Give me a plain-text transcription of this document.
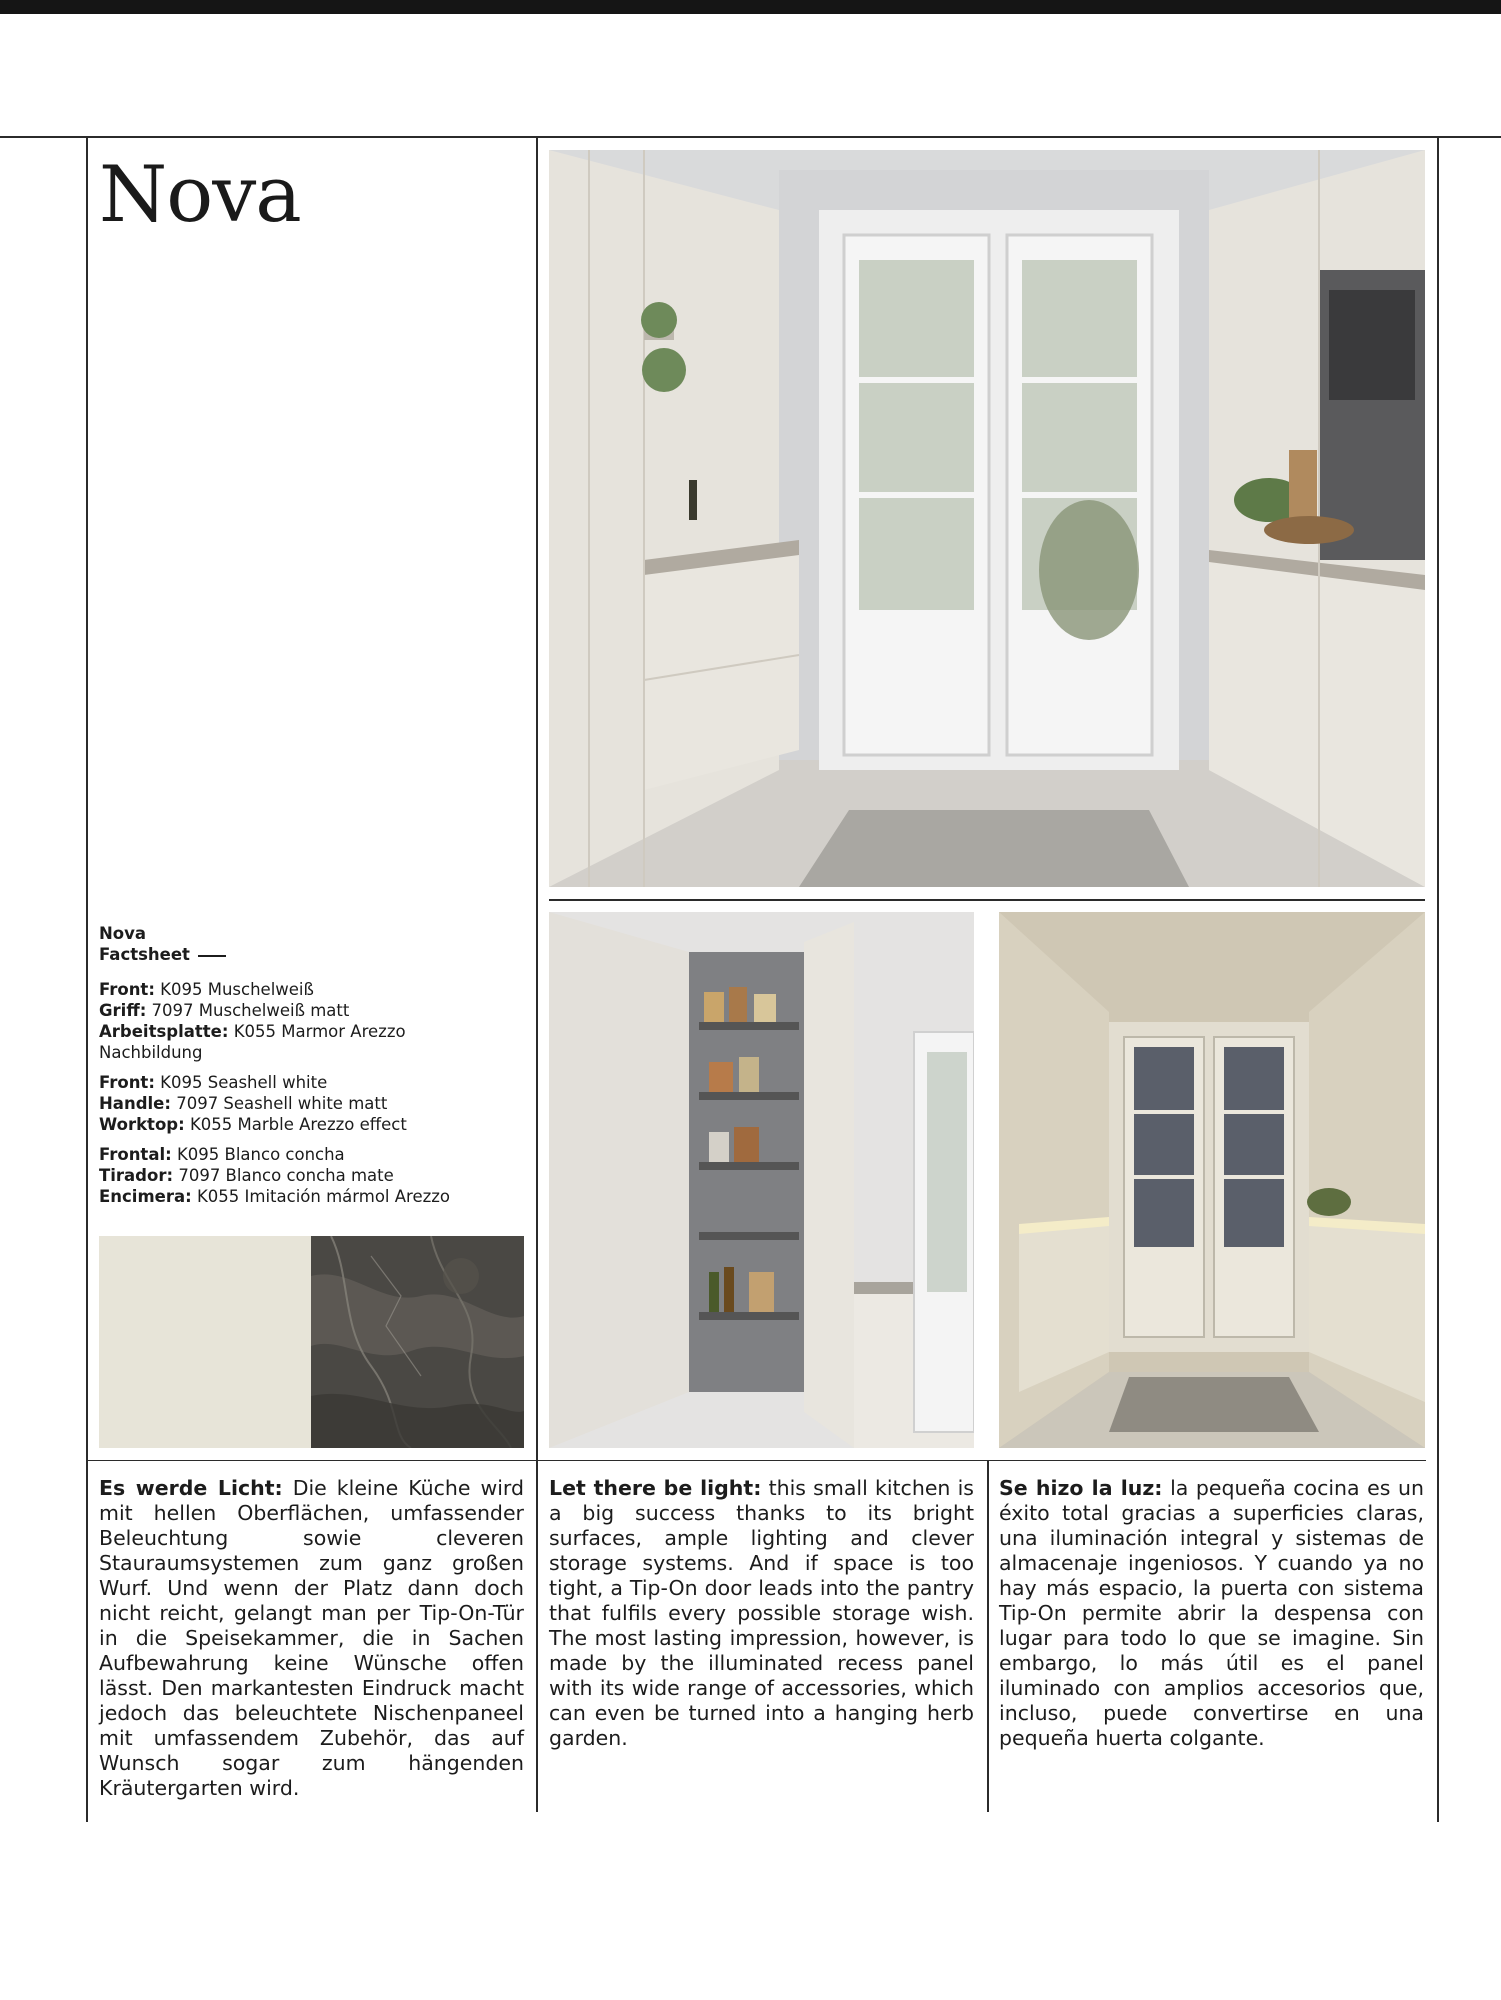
Nova
Nova
Factsheet
Front: K095 Muschelweiß
Griff: 7097 Muschelweiß matt
Arbeitsplatte: K055 Marmor Arezzo Nachbildung
Front: K095 Seashell white
Handle: 7097 Seashell white matt
Worktop: K055 Marble Arezzo effect
Frontal: K095 Blanco concha
Tirador: 7097 Blanco concha mate
Encimera: K055 Imitación mármol Arezzo
Es werde Licht: Die kleine Küche wird mit hellen Oberflächen, umfassender Beleuchtung sowie cleveren Stauraumsystemen zum ganz großen Wurf. Und wenn der Platz dann doch nicht reicht, gelangt man per Tip-On-Tür in die Speisekammer, die in Sachen Aufbewahrung keine Wünsche offen lässt. Den markantesten Eindruck macht jedoch das beleuchtete Nischenpaneel mit umfassendem Zubehör, das auf Wunsch sogar zum hängenden Kräutergarten wird.
Let there be light: this small kitchen is a big success thanks to its bright surfaces, ample lighting and clever storage systems. And if space is too tight, a Tip-On door leads into the pantry that fulfils every possible storage wish. The most lasting impression, however, is made by the illuminated recess panel with its wide range of accessories, which can even be turned into a hanging herb garden.
Se hizo la luz: la pequeña cocina es un éxito total gracias a superficies claras, una iluminación integral y sistemas de almacenaje ingeniosos. Y cuando ya no hay más espacio, la puerta con sistema Tip-On permite abrir la despensa con lugar para todo lo que se imagine. Sin embargo, lo más útil es el panel iluminado con amplios accesorios que, incluso, puede convertirse en una pequeña huerta colgante.
